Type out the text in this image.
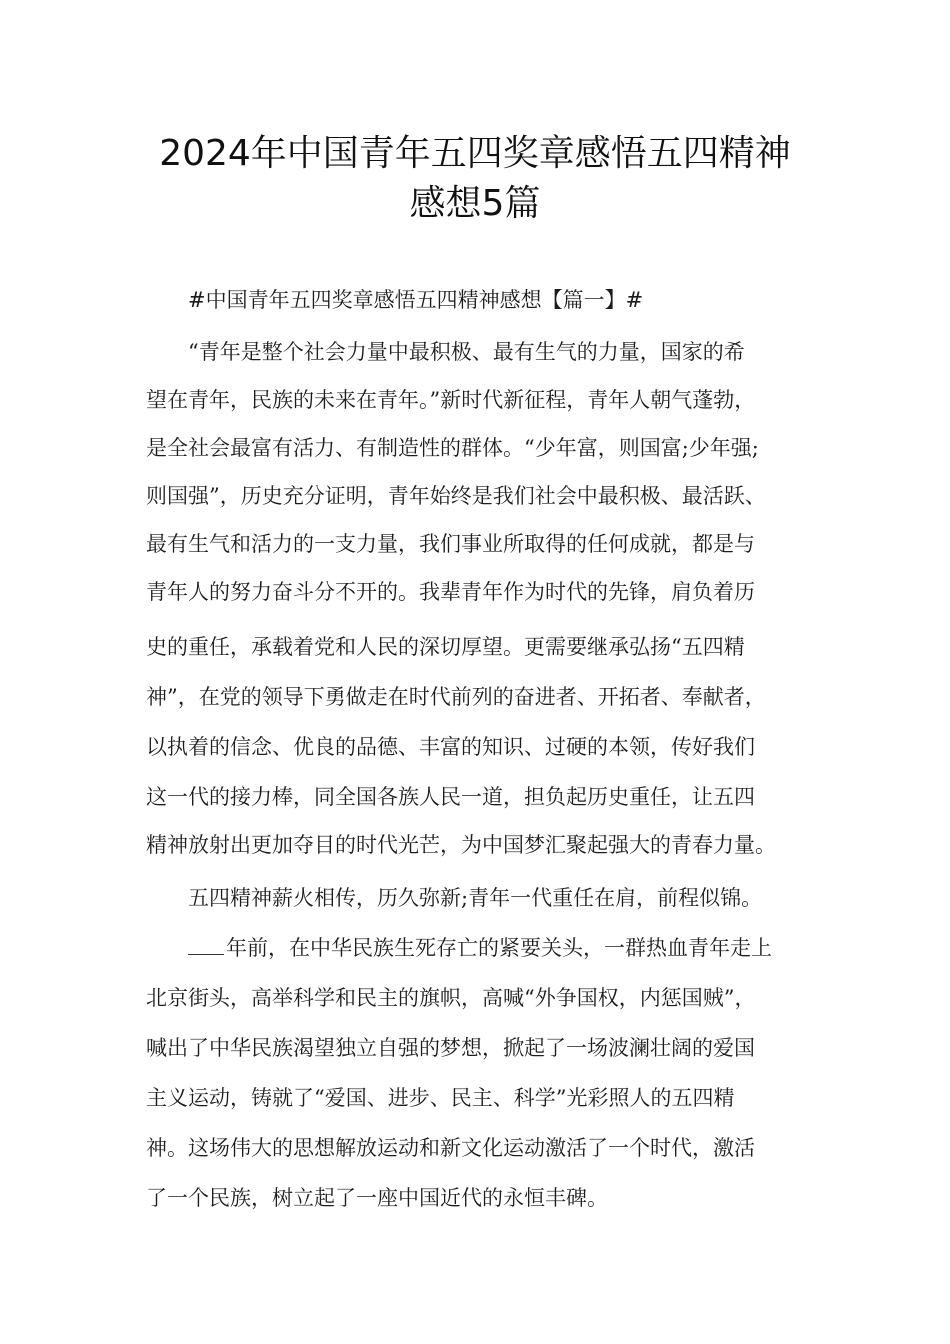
2024年中国青年五四奖章感悟五四精神
感想5篇

#中国青年五四奖章感悟五四精神感想【篇一】#

“青年是整个社会力量中最积极、最有生气的力量，国家的希

望在青年，民族的未来在青年。”新时代新征程，青年人朝气蓬勃，

是全社会最富有活力、有制造性的群体。“少年富，则国富;少年强;

则国强”，历史充分证明，青年始终是我们社会中最积极、最活跃、

最有生气和活力的一支力量，我们事业所取得的任何成就，都是与

青年人的努力奋斗分不开的。我辈青年作为时代的先锋，肩负着历

史的重任，承载着党和人民的深切厚望。更需要继承弘扬“五四精

神”，在党的领导下勇做走在时代前列的奋进者、开拓者、奉献者，

以执着的信念、优良的品德、丰富的知识、过硬的本领，传好我们

这一代的接力棒，同全国各族人民一道，担负起历史重任，让五四

精神放射出更加夺目的时代光芒，为中国梦汇聚起强大的青春力量。

五四精神薪火相传，历久弥新;青年一代重任在肩，前程似锦。

年前，在中华民族生死存亡的紧要关头，一群热血青年走上

北京街头，高举科学和民主的旗帜，高喊“外争国权，内惩国贼”，

喊出了中华民族渴望独立自强的梦想，掀起了一场波澜壮阔的爱国

主义运动，铸就了“爱国、进步、民主、科学”光彩照人的五四精

神。这场伟大的思想解放运动和新文化运动激活了一个时代，激活

了一个民族，树立起了一座中国近代的永恒丰碑。
